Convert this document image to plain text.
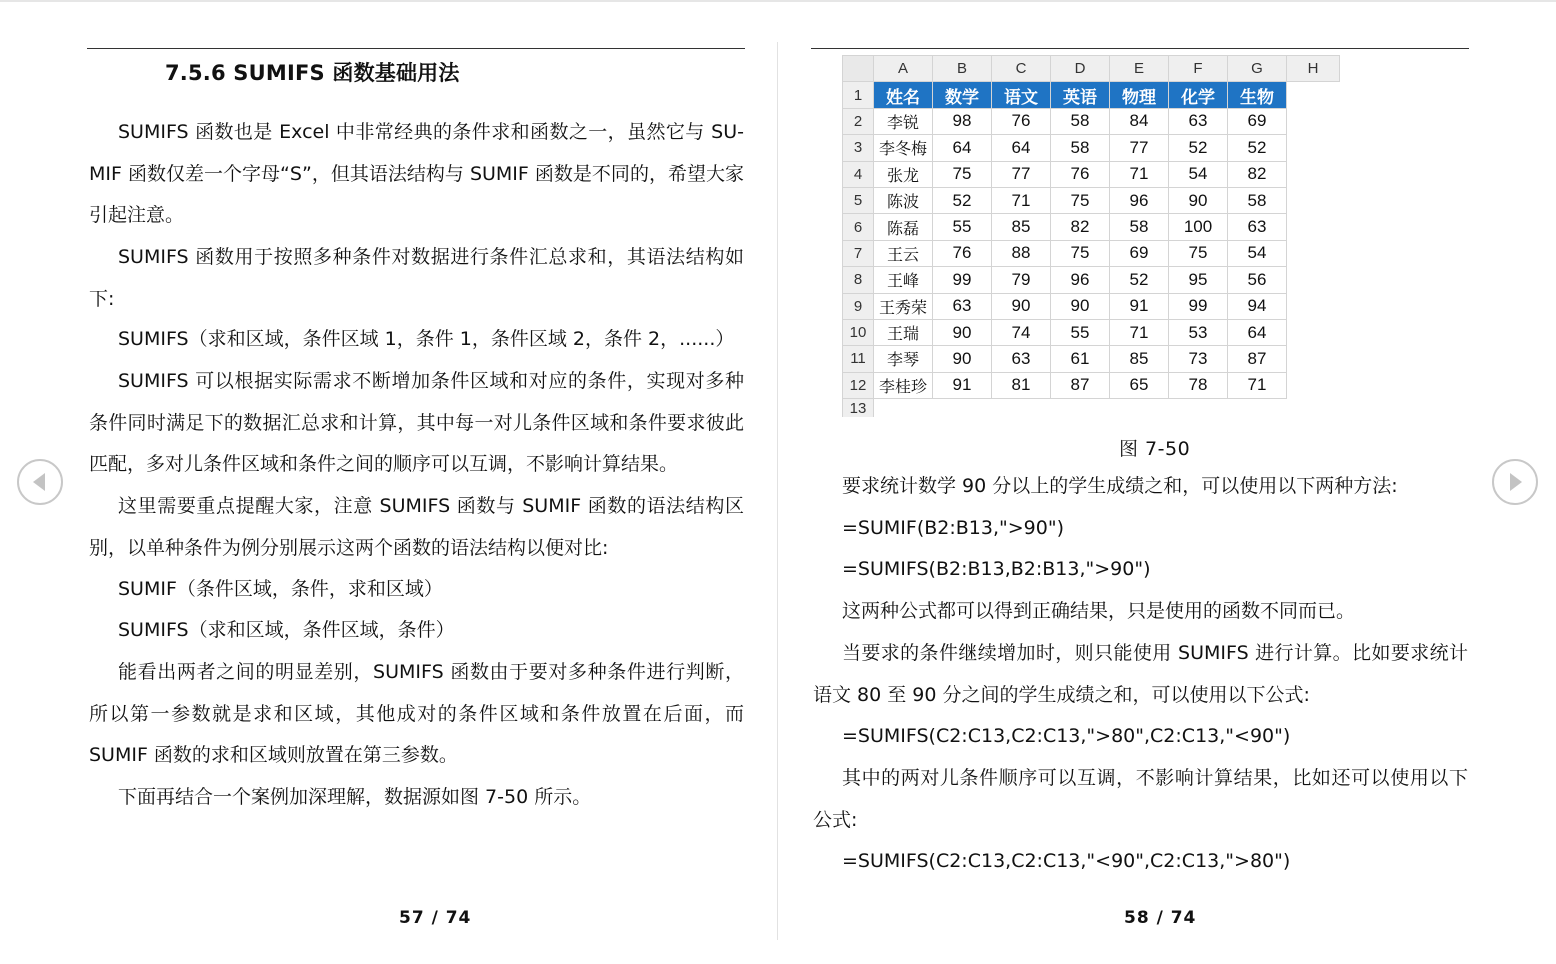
7.5.6 SUMIFS 函数基础用法

SUMIFS 函数也是 Excel 中非常经典的条件求和函数之一，虽然它与 SU-MIF 函数仅差一个字母“S”，但其语法结构与 SUMIF 函数是不同的，希望大家引起注意。

SUMIFS 函数用于按照多种条件对数据进行条件汇总求和，其语法结构如下:

SUMIFS（求和区域，条件区域 1，条件 1，条件区域 2，条件 2，......）

SUMIFS 可以根据实际需求不断增加条件区域和对应的条件，实现对多种条件同时满足下的数据汇总求和计算，其中每一对儿条件区域和条件要求彼此匹配，多对儿条件区域和条件之间的顺序可以互调，不影响计算结果。

这里需要重点提醒大家，注意 SUMIFS 函数与 SUMIF 函数的语法结构区别，以单种条件为例分别展示这两个函数的语法结构以便对比:

SUMIF（条件区域，条件，求和区域）

SUMIFS（求和区域，条件区域，条件）

能看出两者之间的明显差别，SUMIFS 函数由于要对多种条件进行判断，所以第一参数就是求和区域，其他成对的条件区域和条件放置在后面，而SUMIF 函数的求和区域则放置在第三参数。

下面再结合一个案例加深理解，数据源如图 7-50 所示。

57 / 74
	A	B	C	D	E	F	G	H
1	姓名	数学	语文	英语	物理	化学	生物	
2	李锐	98	76	58	84	63	69	
3	李冬梅	64	64	58	77	52	52	
4	张龙	75	77	76	71	54	82	
5	陈波	52	71	75	96	90	58	
6	陈磊	55	85	82	58	100	63	
7	王云	76	88	75	69	75	54	
8	王峰	99	79	96	52	95	56	
9	王秀荣	63	90	90	91	99	94	
10	王瑞	90	74	55	71	53	64	
11	李琴	90	63	61	85	73	87	
12	李桂珍	91	81	87	65	78	71	
13								
图 7-50

要求统计数学 90 分以上的学生成绩之和，可以使用以下两种方法:

=SUMIF(B2:B13,">90")

=SUMIFS(B2:B13,B2:B13,">90")

这两种公式都可以得到正确结果，只是使用的函数不同而已。

当要求的条件继续增加时，则只能使用 SUMIFS 进行计算。比如要求统计语文 80 至 90 分之间的学生成绩之和，可以使用以下公式:

=SUMIFS(C2:C13,C2:C13,">80",C2:C13,"<90")

其中的两对儿条件顺序可以互调，不影响计算结果，比如还可以使用以下公式:

=SUMIFS(C2:C13,C2:C13,"<90",C2:C13,">80")

58 / 74
